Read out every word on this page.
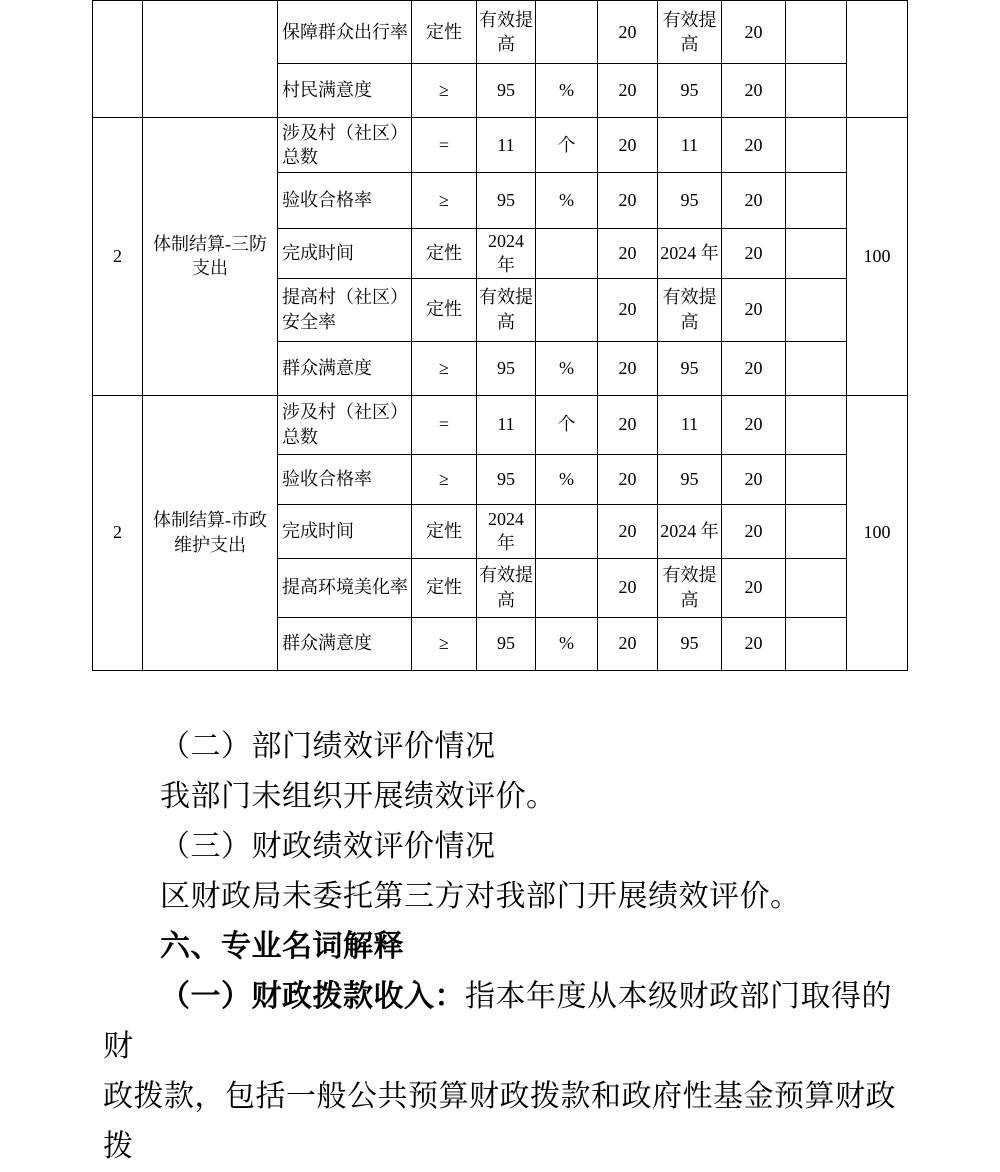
		保障群众出行率	定性	有效提高		20	有效提高	20		
		村民满意度	≥	95	%	20	95	20		
2	体制结算-三防支出	涉及村（社区）总数	=	11	个	20	11	20		100
		验收合格率	≥	95	%	20	95	20		
		完成时间	定性	2024年		20	2024 年	20		
		提高村（社区）安全率	定性	有效提高		20	有效提高	20		
		群众满意度	≥	95	%	20	95	20		
2	体制结算-市政维护支出	涉及村（社区）总数	=	11	个	20	11	20		100
		验收合格率	≥	95	%	20	95	20		
		完成时间	定性	2024年		20	2024 年	20		
		提高环境美化率	定性	有效提高		20	有效提高	20		
		群众满意度	≥	95	%	20	95	20		
（二）部门绩效评价情况
我部门未组织开展绩效评价。
（三）财政绩效评价情况
区财政局未委托第三方对我部门开展绩效评价。
六、专业名词解释
（一）财政拨款收入：指本年度从本级财政部门取得的财
政拨款，包括一般公共预算财政拨款和政府性基金预算财政拨
